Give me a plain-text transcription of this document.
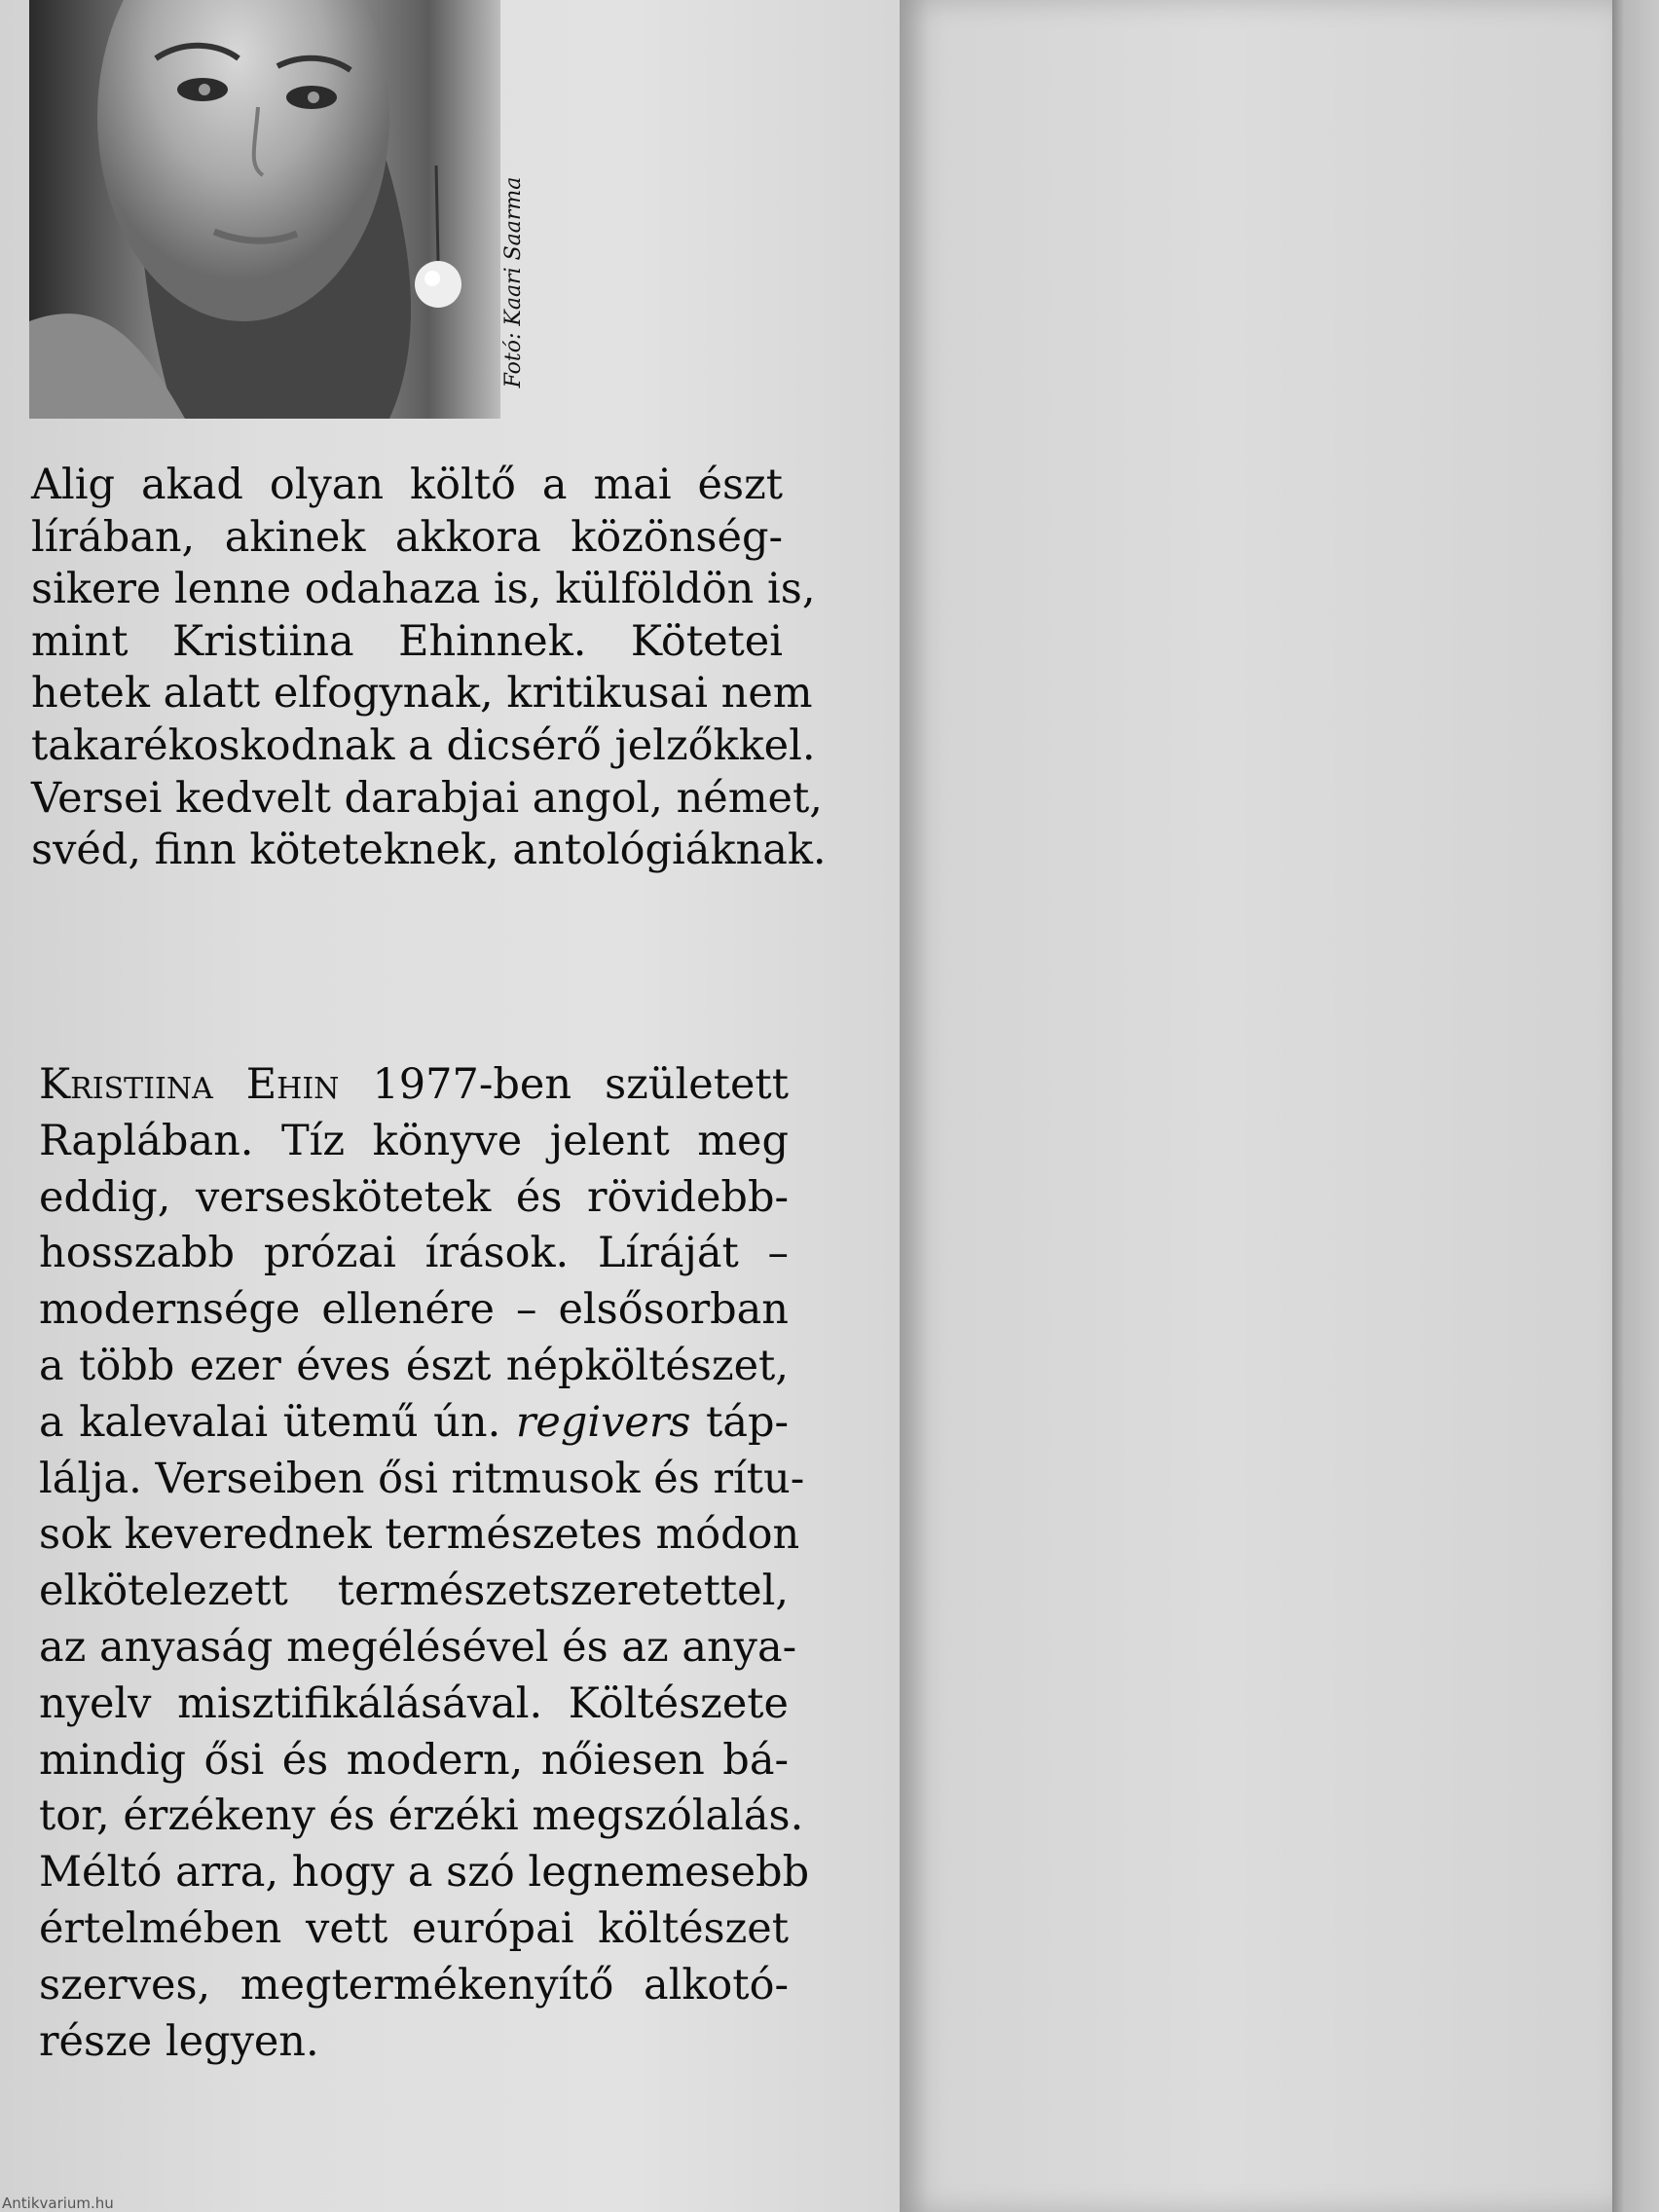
Fotó: Kaari Saarma
Alig akad olyan költő a mai észt
lírában, akinek akkora közönség-
sikere lenne odahaza is, külföldön is,
mint Kristiina Ehinnek. Kötetei
hetek alatt elfogynak, kritikusai nem
takarékoskodnak a dicsérő jelzőkkel.
Versei kedvelt darabjai angol, német,
svéd, finn köteteknek, antológiáknak.
Kristiina Ehin 1977-ben született
Raplában. Tíz könyve jelent meg
eddig, verseskötetek és rövidebb-
hosszabb prózai írások. Líráját –
modernsége ellenére – elsősorban
a több ezer éves észt népköltészet,
a kalevalai ütemű ún. regivers táp-
lálja. Verseiben ősi ritmusok és rítu-
sok keverednek természetes módon
elkötelezett természetszeretettel,
az anyaság megélésével és az anya-
nyelv misztifikálásával. Költészete
mindig ősi és modern, nőiesen bá-
tor, érzékeny és érzéki megszólalás.
Méltó arra, hogy a szó legnemesebb
értelmében vett európai költészet
szerves, megtermékenyítő alkotó-
része legyen.
Antikvarium.hu
